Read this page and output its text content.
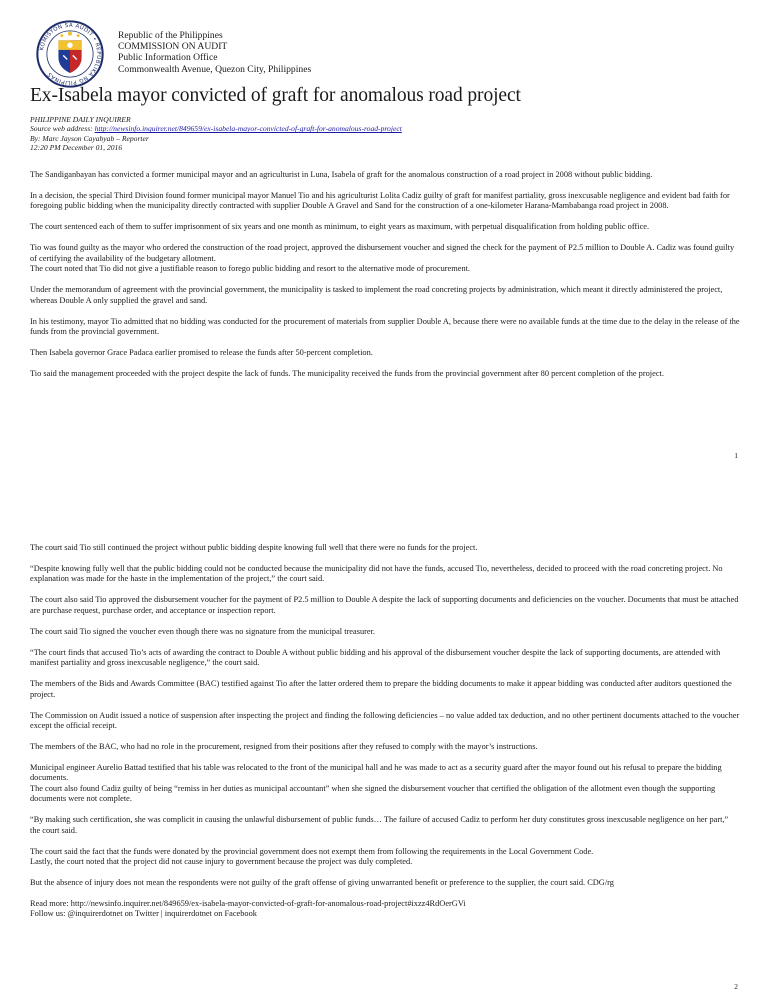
KOMISYON SA AUDIT • REPUBLIKA NG PILIPINAS
Republic of the Philippines
COMMISSION ON AUDIT
Public Information Office
Commonwealth Avenue, Quezon City, Philippines
Ex-Isabela mayor convicted of graft for anomalous road project
PHILIPPINE DAILY INQUIRER
Source web address: http://newsinfo.inquirer.net/849659/ex-isabela-mayor-convicted-of-graft-for-anomalous-road-project
By: Marc Jayson Cayabyab – Reporter
12:20 PM December 01, 2016

The Sandiganbayan has convicted a former municipal mayor and an agriculturist in Luna, Isabela of graft for the anomalous construction of a road project in 2008 without public bidding.

In a decision, the special Third Division found former municipal mayor Manuel Tio and his agriculturist Lolita Cadiz guilty of graft for manifest partiality, gross inexcusable negligence and evident bad faith for foregoing public bidding when the municipality directly contracted with supplier Double A Gravel and Sand for the construction of a one-kilometer Harana-Mambabanga road project in 2008.

The court sentenced each of them to suffer imprisonment of six years and one month as minimum, to eight years as maximum, with perpetual disqualification from holding public office.

Tio was found guilty as the mayor who ordered the construction of the road project, approved the disbursement voucher and signed the check for the payment of P2.5 million to Double A. Cadiz was found guilty of certifying the availability of the budgetary allotment.
The court noted that Tio did not give a justifiable reason to forego public bidding and resort to the alternative mode of procurement.

Under the memorandum of agreement with the provincial government, the municipality is tasked to implement the road concreting projects by administration, which meant it directly administered the project, whereas Double A only supplied the gravel and sand.

In his testimony, mayor Tio admitted that no bidding was conducted for the procurement of materials from supplier Double A, because there were no available funds at the time due to the delay in the release of the funds from the provincial government.

Then Isabela governor Grace Padaca earlier promised to release the funds after 50-percent completion.

Tio said the management proceeded with the project despite the lack of funds. The municipality received the funds from the provincial government after 80 percent completion of the project.

1

The court said Tio still continued the project without public bidding despite knowing full well that there were no funds for the project.

“Despite knowing fully well that the public bidding could not be conducted because the municipality did not have the funds, accused Tio, nevertheless, decided to proceed with the road concreting project. No explanation was made for the haste in the implementation of the project,” the court said.

The court also said Tio approved the disbursement voucher for the payment of P2.5 million to Double A despite the lack of supporting documents and deficiencies on the voucher. Documents that must be attached are purchase request, purchase order, and acceptance or inspection report.

The court said Tio signed the voucher even though there was no signature from the municipal treasurer.

“The court finds that accused Tio’s acts of awarding the contract to Double A without public bidding and his approval of the disbursement voucher despite the lack of supporting documents, are attended with manifest partiality and gross inexcusable negligence,” the court said.

The members of the Bids and Awards Committee (BAC) testified against Tio after the latter ordered them to prepare the bidding documents to make it appear bidding was conducted after auditors questioned the project.

The Commission on Audit issued a notice of suspension after inspecting the project and finding the following deficiencies – no value added tax deduction, and no other pertinent documents attached to the voucher except the official receipt.

The members of the BAC, who had no role in the procurement, resigned from their positions after they refused to comply with the mayor’s instructions.

Municipal engineer Aurelio Battad testified that his table was relocated to the front of the municipal hall and he was made to act as a security guard after the mayor found out his refusal to prepare the bidding documents.
The court also found Cadiz guilty of being “remiss in her duties as municipal accountant” when she signed the disbursement voucher that certified the obligation of the allotment even though the supporting documents were not complete.

“By making such certification, she was complicit in causing the unlawful disbursement of public funds… The failure of accused Cadiz to perform her duty constitutes gross inexcusable negligence on her part,” the court said.

The court said the fact that the funds were donated by the provincial government does not exempt them from following the requirements in the Local Government Code.
Lastly, the court noted that the project did not cause injury to government because the project was duly completed.

But the absence of injury does not mean the respondents were not guilty of the graft offense of giving unwarranted benefit or preference to the supplier, the court said. CDG/rg

Read more: http://newsinfo.inquirer.net/849659/ex-isabela-mayor-convicted-of-graft-for-anomalous-road-project#ixzz4RdOerGVi
Follow us: @inquirerdotnet on Twitter | inquirerdotnet on Facebook

2
